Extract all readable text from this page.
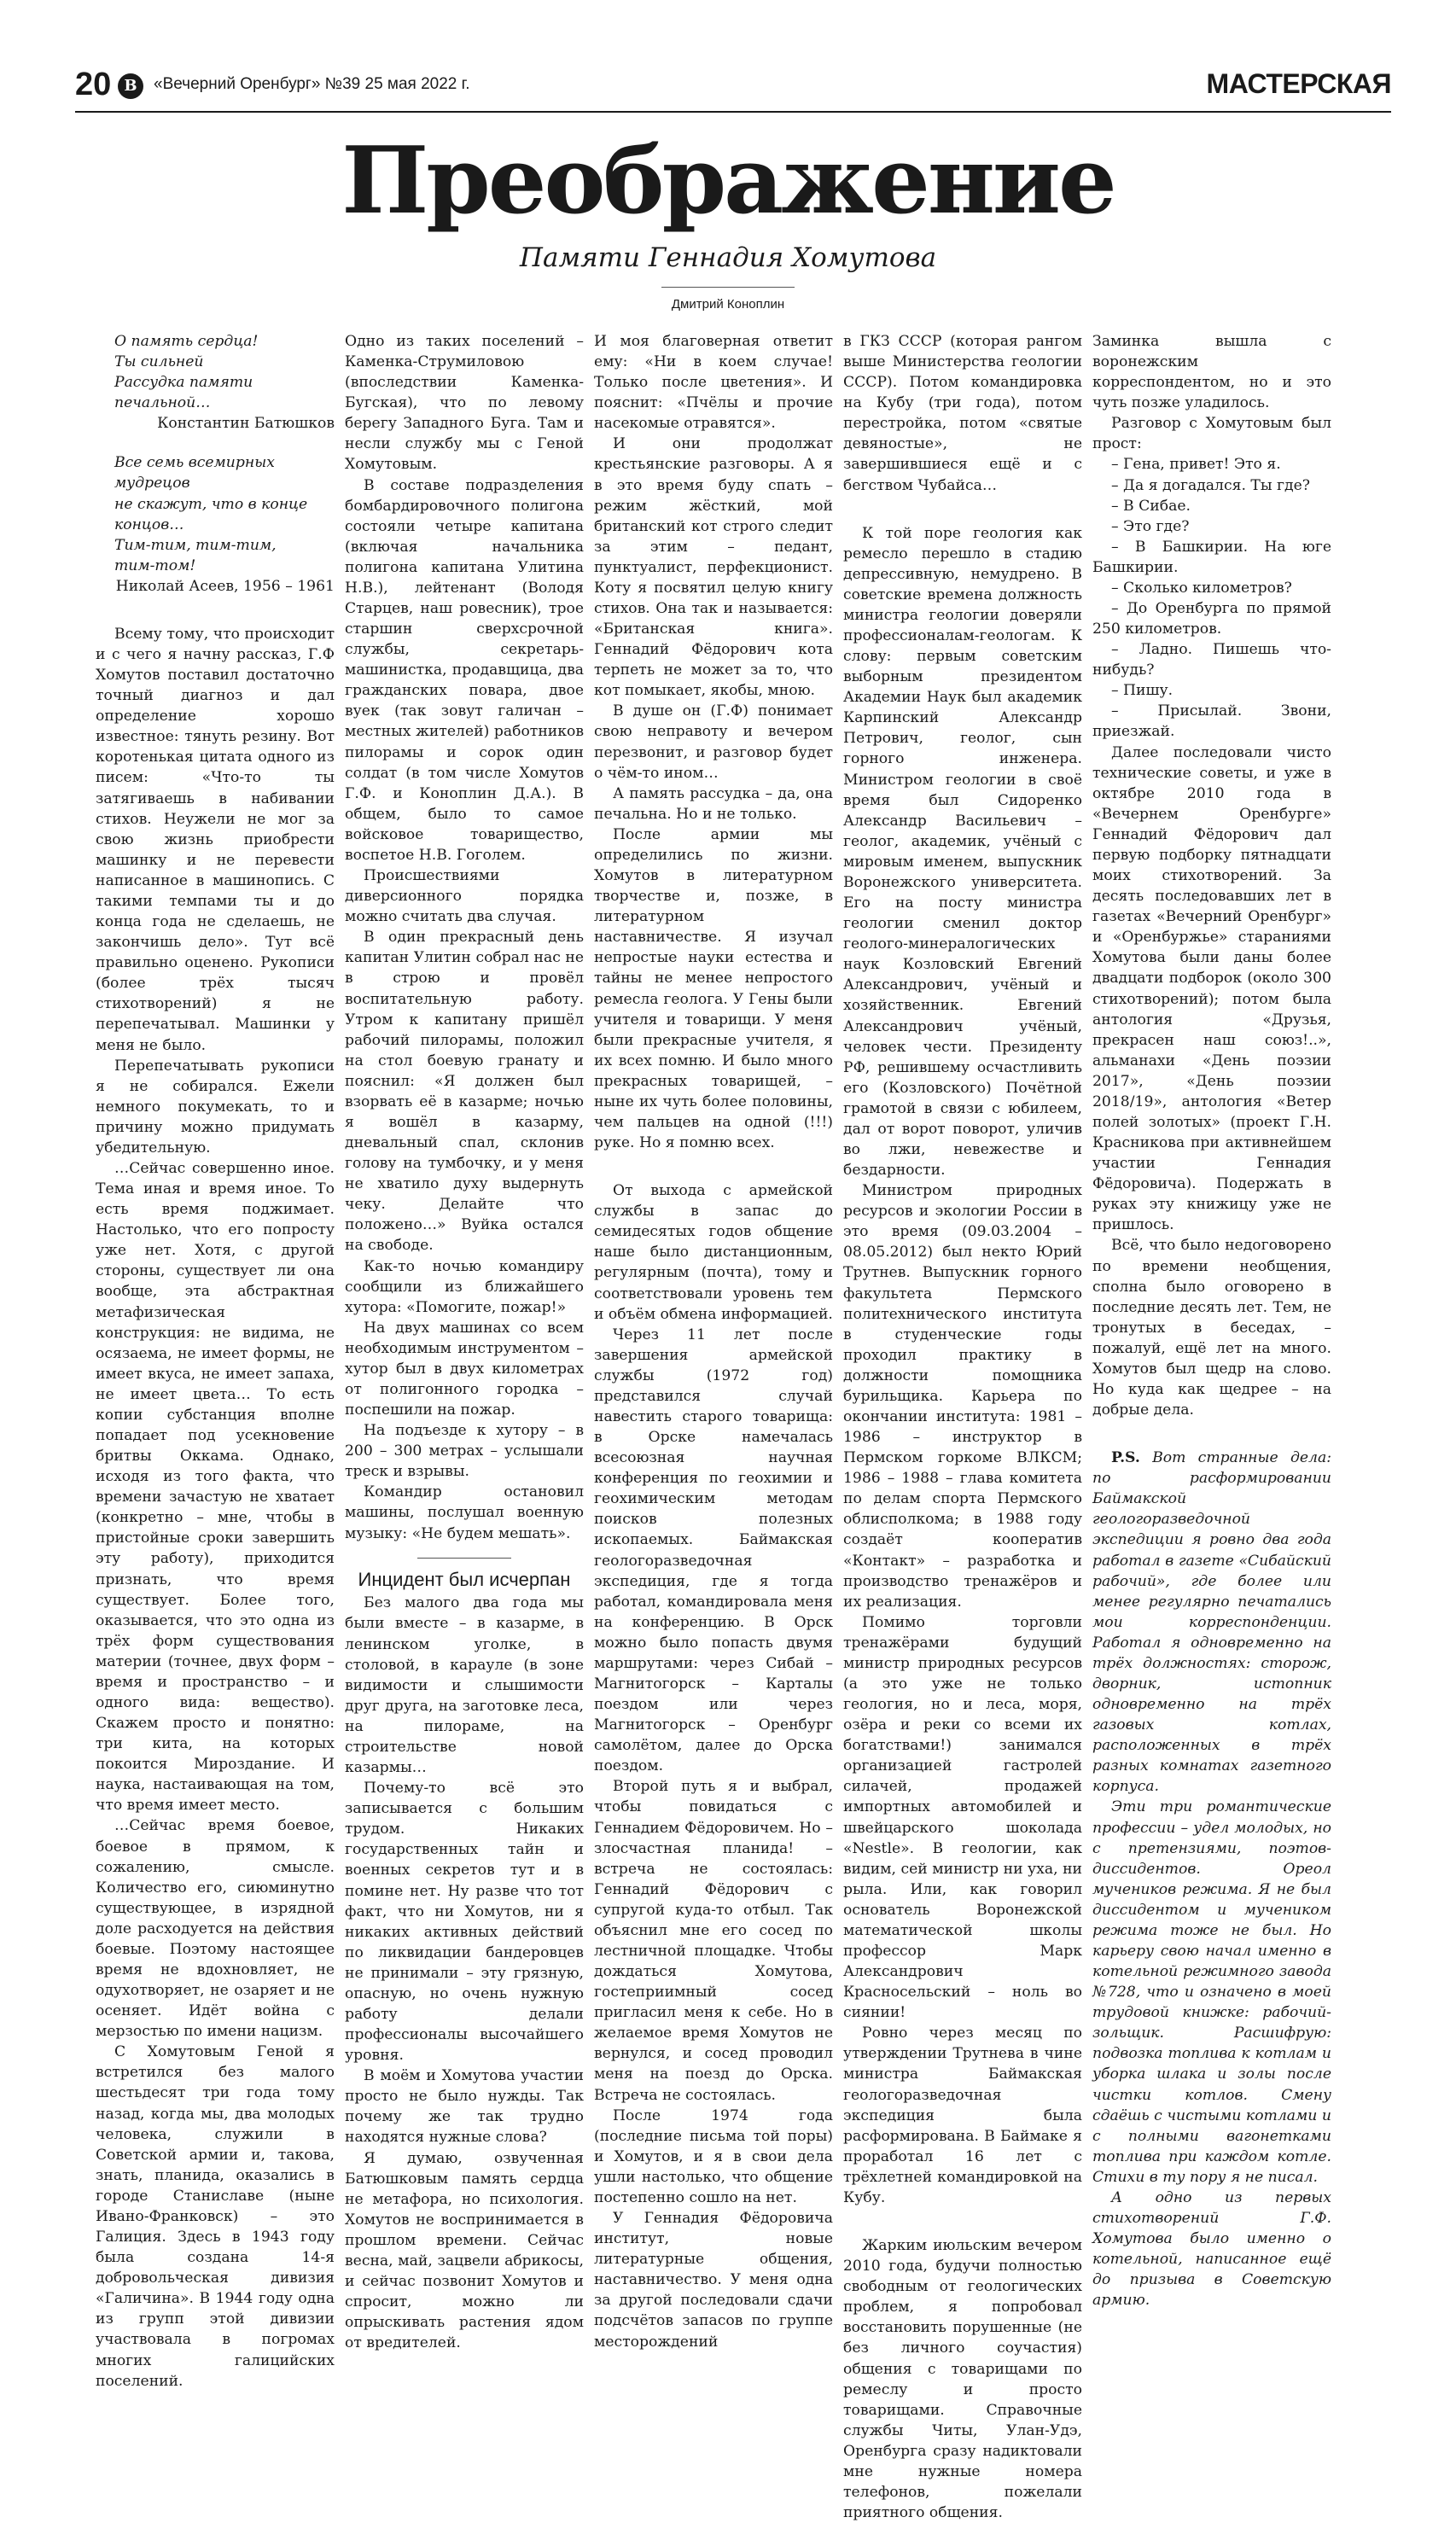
20 В	«Вечерний Оренбург» №39 25 мая 2022 г.	МАСТЕРСКАЯ
Преображение
Памяти Геннадия Хомутова
Дмитрий Коноплин

О память сердца!

Ты сильней

Рассудка памяти

печальной…

Константин Батюшков

Все семь всемирных

мудрецов

не скажут, что в конце

концов…

Тим-тим, тим-тим,

тим-том!

Николай Асеев, 1956 – 1961

Всему тому, что происходит и с чего я начну рассказ, Г.Ф Хомутов поставил достаточно точный диагноз и дал определение хорошо известное: тянуть резину. Вот коротенькая цитата одного из писем: «Что-то ты затягиваешь в набивании стихов. Неужели не мог за свою жизнь приобрести машинку и не перевести написанное в машинопись. С такими темпами ты и до конца года не сделаешь, не закончишь дело». Тут всё правильно оценено. Рукописи (более трёх тысяч стихотворений) я не перепечатывал. Машинки у меня не было.

Перепечатывать рукописи я не собирался. Ежели немного покумекать, то и причину можно придумать убедительную.

…Сейчас совершенно иное. Тема иная и время иное. То есть время поджимает. Настолько, что его попросту уже нет. Хотя, с другой стороны, существует ли она вообще, эта абстрактная метафизическая конструкция: не видима, не осязаема, не имеет формы, не имеет вкуса, не имеет запаха, не имеет цвета… То есть копии субстанция вполне попадает под усекновение бритвы Оккама. Однако, исходя из того факта, что времени зачастую не хватает (конкретно – мне, чтобы в пристойные сроки завершить эту работу), приходится признать, что время существует. Более того, оказывается, что это одна из трёх форм существования материи (точнее, двух форм – время и пространство – и одного вида: вещество). Скажем просто и понятно: три кита, на которых покоится Мироздание. И наука, настаивающая на том, что время имеет место.

…Сейчас время боевое, боевое в прямом, к сожалению, смысле. Количество его, сиюминутно существующее, в изрядной доле расходуется на действия боевые. Поэтому настоящее время не вдохновляет, не одухотворяет, не озаряет и не осеняет. Идёт война с мерзостью по имени нацизм.

С Хомутовым Геной я встретился без малого шестьдесят три года тому назад, когда мы, два молодых человека, служили в Советской армии и, такова, знать, планида, оказались в городе Станиславе (ныне Ивано-Франковск) – это Галиция. Здесь в 1943 году была создана 14-я добровольческая дивизия «Галичина». В 1944 году одна из групп этой дивизии участвовала в погромах многих галицийских поселений.

Одно из таких поселений – Каменка-Струмиловою (впоследствии Каменка-Бугская), что по левому берегу Западного Буга. Там и несли службу мы с Геной Хомутовым.

В составе подразделения бомбардировочного полигона состояли четыре капитана (включая начальника полигона капитана Улитина Н.В.), лейтенант (Володя Старцев, наш ровесник), трое старшин сверхсрочной службы, секретарь-машинистка, продавщица, два гражданских повара, двое вуек (так зовут галичан – местных жителей) работников пилорамы и сорок один солдат (в том числе Хомутов Г.Ф. и Коноплин Д.А.). В общем, было то самое войсковое товарищество, воспетое Н.В. Гоголем.

Происшествиями диверсионного порядка можно считать два случая.

В один прекрасный день капитан Улитин собрал нас не в строю и провёл воспитательную работу. Утром к капитану пришёл рабочий пилорамы, положил на стол боевую гранату и пояснил: «Я должен был взорвать её в казарме; ночью я вошёл в казарму, дневальный спал, склонив голову на тумбочку, и у меня не хватило духу выдернуть чеку. Делайте что положено…» Вуйка остался на свободе.

Как-то ночью командиру сообщили из ближайшего хутора: «Помогите, пожар!»

На двух машинах со всем необходимым инструментом – хутор был в двух километрах от полигонного городка – поспешили на пожар.

На подъезде к хутору – в 200 – 300 метрах – услышали треск и взрывы.

Командир остановил машины, послушал военную музыку: «Не будем мешать».

Инцидент был исчерпан

Без малого два года мы были вместе – в казарме, в ленинском уголке, в столовой, в караулe (в зоне видимости и слышимости друг друга, на заготовке леса, на пилораме, на строительстве новой казармы…

Почему-то всё это записывается с большим трудом. Никаких государственных тайн и военных секретов тут и в помине нет. Ну разве что тот факт, что ни Хомутов, ни я никаких активных действий по ликвидации бандеровцев не принимали – эту грязную, опасную, но очень нужную работу делали профессионалы высочайшего уровня.

В моём и Хомутова участии просто не было нужды. Так почему же так трудно находятся нужные слова?

Я думаю, озвученная Батюшковым память сердца не метафора, но психология. Хомутов не воспринимается в прошлом времени. Сейчас весна, май, зацвели абрикосы, и сейчас позвонит Хомутов и спросит, можно ли опрыскивать растения ядом от вредителей.

И моя благоверная ответит ему: «Ни в коем случае! Только после цветения». И пояснит: «Пчёлы и прочие насекомые отравятся».

И они продолжат крестьянские разговоры. А я в это время буду спать – режим жёсткий, мой британский кот строго следит за этим – педант, пунктуалист, перфекционист. Коту я посвятил целую книгу стихов. Она так и называется: «Британская книга». Геннадий Фёдорович кота терпеть не может за то, что кот помыкает, якобы, мною.

В душе он (Г.Ф) понимает свою неправоту и вечером перезвонит, и разговор будет о чём-то ином…

А память рассудка – да, она печальна. Но и не только.

После армии мы определились по жизни. Хомутов в литературном творчестве и, позже, в литературном наставничестве. Я изучал непростые науки естества и тайны не менее непростого ремесла геолога. У Гены были учителя и товарищи. У меня были прекрасные учителя, я их всех помню. И было много прекрасных товарищей, – ныне их чуть более половины, чем пальцев на одной (!!!) руке. Но я помню всех.

От выхода с армейской службы в запас до семидесятых годов общение наше было дистанционным, регулярным (почта), тому и соответствовали уровень тем и объём обмена информацией.

Через 11 лет после завершения армейской службы (1972 год) представился случай навестить старого товарища: в Орске намечалась всесоюзная научная конференция по геохимии и геохимическим методам поисков полезных ископаемых. Баймакская геологоразведочная экспедиция, где я тогда работал, командировала меня на конференцию. В Орск можно было попасть двумя маршрутами: через Сибай – Магнитогорск – Карталы поездом или через Магнитогорск – Оренбург самолётом, далее до Орска поездом.

Второй путь я и выбрал, чтобы повидаться с Геннадием Фёдоровичем. Но – злосчастная планида! – встреча не состоялась: Геннадий Фёдорович с супругой куда-то отбыл. Так объяснил мне его сосед по лестничной площадке. Чтобы дождаться Хомутова, гостеприимный сосед пригласил меня к себе. Но в желаемое время Хомутов не вернулся, и сосед проводил меня на поезд до Орска. Встреча не состоялась.

После 1974 года (последние письма той поры) и Хомутов, и я в свои дела ушли настолько, что общение постепенно сошло на нет.

У Геннадия Фёдоровича институт, новые литературные общения, наставничество. У меня одна за другой последовали сдачи подсчётов запасов по группе месторождений

в ГКЗ СССР (которая рангом выше Министерства геологии СССР). Потом командировка на Кубу (три года), потом перестройка, потом «святые девяностые», не завершившиеся ещё и с бегством Чубайса…

К той поре геология как ремесло перешло в стадию депрессивную, немудрено. В советские времена должность министра геологии доверяли профессионалам-геологам. К слову: первым советским выборным президентом Академии Наук был академик Карпинский Александр Петрович, геолог, сын горного инженера. Министром геологии в своё время был Сидоренко Александр Васильевич – геолог, академик, учёный с мировым именем, выпускник Воронежского университета. Его на посту министра геологии сменил доктор геолого-минералогических наук Козловский Евгений Александрович, учёный и хозяйственник. Евгений Александрович учёный, человек чести. Президенту РФ, решившему осчастливить его (Козловского) Почётной грамотой в связи с юбилеем, дал от ворот поворот, уличив во лжи, невежестве и бездарности.

Министром природных ресурсов и экологии России в это время (09.03.2004 – 08.05.2012) был некто Юрий Трутнев. Выпускник горного факультета Пермского политехнического института в студенческие годы проходил практику в должности помощника бурильщика. Карьера по окончании института: 1981 – 1986 – инструктор в Пермском горкоме ВЛКСМ; 1986 – 1988 – глава комитета по делам спорта Пермского облисполкома; в 1988 году создаёт кооператив «Контакт» – разработка и производство тренажёров и их реализация.

Помимо торговли тренажёрами будущий министр природных ресурсов (а это уже не только геология, но и леса, моря, озёра и реки со всеми их богатствами!) занимался организацией гастролей силачей, продажей импортных автомобилей и швейцарского шоколада «Nestle». В геологии, как видим, сей министр ни уха, ни рыла. Или, как говорил основатель Воронежской математической школы профессор Марк Александрович Красносельский – ноль во сиянии!

Ровно через месяц по утверждении Трутнева в чине министра Баймакская геологоразведочная экспедиция была расформирована. В Баймаке я проработал 16 лет с трёхлетней командировкой на Кубу.

Жарким июльским вечером 2010 года, будучи полностью свободным от геологических проблем, я попробовал восстановить порушенные (не без личного соучастия) общения с товарищами по ремеслу и просто товарищами. Справочные службы Читы, Улан-Удэ, Оренбурга сразу надиктовали мне нужные номера телефонов, пожелали приятного общения.

Заминка вышла с воронежским корреспондентом, но и это чуть позже уладилось.

Разговор с Хомутовым был прост:

– Гена, привет! Это я.

– Да я догадался. Ты где?

– В Сибае.

– Это где?

– В Башкирии. На юге Башкирии.

– Сколько километров?

– До Оренбурга по прямой 250 километров.

– Ладно. Пишешь что-нибудь?

– Пишу.

– Присылай. Звони, приезжай.

Далее последовали чисто технические советы, и уже в октябре 2010 года в «Вечернем Оренбурге» Геннадий Фёдорович дал первую подборку пятнадцати моих стихотворений. За десять последовавших лет в газетах «Вечерний Оренбург» и «Оренбуржье» стараниями Хомутова были даны более двадцати подборок (около 300 стихотворений); потом была антология «Друзья, прекрасен наш союз!..», альманахи «День поэзии 2017», «День поэзии 2018/19», антология «Ветер полей золотых» (проект Г.Н. Красникова при активнейшем участии Геннадия Фёдоровича). Подержать в руках эту книжицу уже не пришлось.

Всё, что было недоговорено по времени необщения, сполна было оговорено в последние десять лет. Тем, не тронутых в беседах, – пожалуй, ещё лет на много. Хомутов был щедр на слово. Но куда как щедрее – на добрые дела.

P.S. Вот странные дела: по расформировании Баймакской геологоразведочной экспедиции я ровно два года работал в газете «Сибайский рабочий», где более или менее регулярно печатались мои корреспонденции. Работал я одновременно на трёх должностях: сторож, дворник, истопник одновременно на трёх газовых котлах, расположенных в трёх разных комнатах газетного корпуса.

Эти три романтические профессии – удел молодых, но с претензиями, поэтов-диссидентов. Ореол мучеников режима. Я не был диссидентом и мучеником режима тоже не был. Но карьеру свою начал именно в котельной режимного завода №728, что и означено в моей трудовой книжке: рабочий-зольщик. Расшифрую: подвозка топлива к котлам и уборка шлака и золы после чистки котлов. Смену сдаёшь с чистыми котлами и с полными вагонетками топлива при каждом котле. Стихи в ту пору я не писал.

А одно из первых стихотворений Г.Ф. Хомутова было именно о котельной, написанное ещё до призыва в Советскую армию.
